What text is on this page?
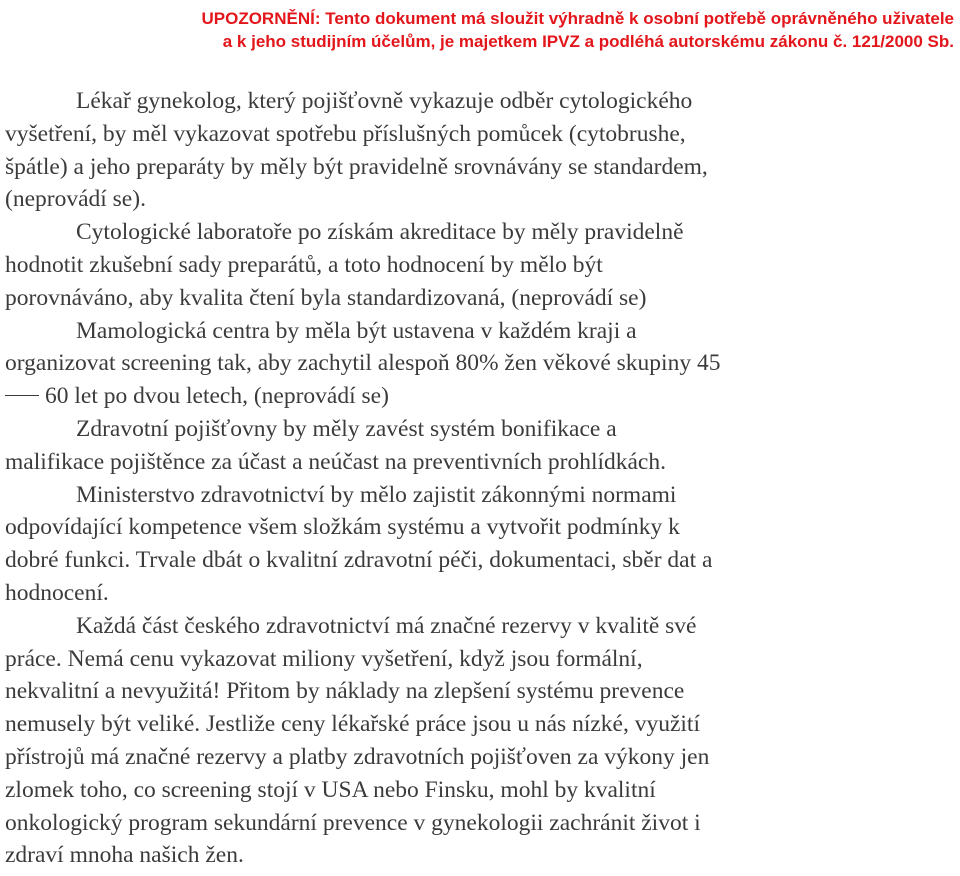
UPOZORNĚNÍ: Tento dokument má sloužit výhradně k osobní potřebě oprávněného uživatele
a k jeho studijním účelům, je majetkem IPVZ a podléhá autorskému zákonu č. 121/2000 Sb.
Lékař gynekolog, který pojišťovně vykazuje odběr cytologického
vyšetření, by měl vykazovat spotřebu příslušných pomůcek (cytobrushe,
špátle) a jeho preparáty by měly být pravidelně srovnávány se standardem,
(neprovádí se).
Cytologické laboratoře po získám akreditace by měly pravidelně
hodnotit zkušební sady preparátů, a toto hodnocení by mělo být
porovnáváno, aby kvalita čtení byla standardizovaná, (neprovádí se)
Mamologická centra by měla být ustavena v každém kraji a
organizovat screening tak, aby zachytil alespoň 80% žen věkové skupiny 45
60 let po dvou letech, (neprovádí se)
Zdravotní pojišťovny by měly zavést systém bonifikace a
malifikace pojištěnce za účast a neúčast na preventivních prohlídkách.
Ministerstvo zdravotnictví by mělo zajistit zákonnými normami
odpovídající kompetence všem složkám systému a vytvořit podmínky k
dobré funkci. Trvale dbát o kvalitní zdravotní péči, dokumentaci, sběr dat a
hodnocení.
Každá část českého zdravotnictví má značné rezervy v kvalitě své
práce. Nemá cenu vykazovat miliony vyšetření, když jsou formální,
nekvalitní a nevyužitá! Přitom by náklady na zlepšení systému prevence
nemusely být veliké. Jestliže ceny lékařské práce jsou u nás nízké, využití
přístrojů má značné rezervy a platby zdravotních pojišťoven za výkony jen
zlomek toho, co screening stojí v USA nebo Finsku, mohl by kvalitní
onkologický program sekundární prevence v gynekologii zachránit život i
zdraví mnoha našich žen.
